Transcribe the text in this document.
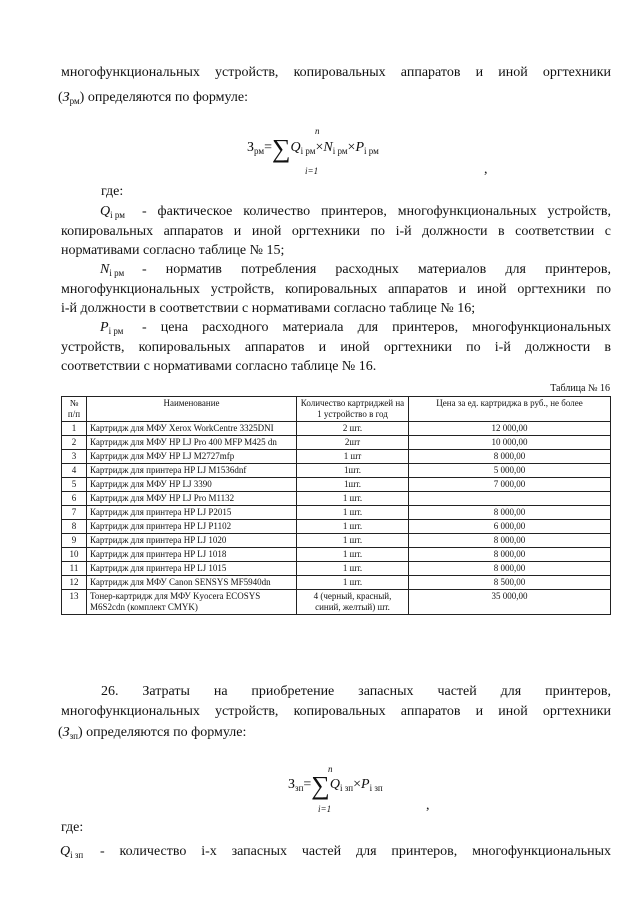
многофункциональных устройств, копировальных аппаратов и иной оргтехники
$(З_{рм})$ определяются по формуле:
$З_{рм}=\sum Q_{i рм}\times N_{i рм}\times P_{i рм}$
n
i=1	,
где:
$Q_{i рм}$ - фактическое количество принтеров, многофункциональных устройств,
копировальных аппаратов и иной оргтехники по i-й должности в соответствии с
нормативами согласно таблице № 15;
$N_{i рм}$ - норматив потребления расходных материалов для принтеров,
многофункциональных устройств, копировальных аппаратов и иной оргтехники по
i-й должности в соответствии с нормативами согласно таблице № 16;
$P_{i рм}$ - цена расходного материала для принтеров, многофункциональных
устройств, копировальных аппаратов и иной оргтехники по i-й должности в
соответствии с нормативами согласно таблице № 16.
Таблица № 16
№ п/п	Наименование	Количество картриджей на 1 устройство в год	Цена за ед. картриджа в руб., не более
1	Картридж для МФУ Xerox WorkCentre 3325DNI	2 шт.	12 000,00
2	Картридж для МФУ HP LJ Pro 400 MFP M425 dn	2шт	10 000,00
3	Картридж для МФУ HP LJ M2727mfp	1 шт	8 000,00
4	Картридж для принтера HP LJ M1536dnf	1шт.	5 000,00
5	Картридж для МФУ HP LJ 3390	1шт.	7 000,00
6	Картридж для МФУ HP LJ Pro M1132	1 шт.	
7	Картридж для принтера HP LJ P2015	1 шт.	8 000,00
8	Картридж для принтера HP LJ P1102	1 шт.	6 000,00
9	Картридж для принтера HP LJ 1020	1 шт.	8 000,00
10	Картридж для принтера HP LJ 1018	1 шт.	8 000,00
11	Картридж для принтера HP LJ 1015	1 шт.	8 000,00
12	Картридж для МФУ Canon SENSYS MF5940dn	1 шт.	8 500,00
13	Тонер-картридж для МФУ Kyocera ECOSYS M6S2cdn (комплект CMYK)	4 (черный, красный, синий, желтый) шт.	35 000,00
26. Затраты на приобретение запасных частей для принтеров,
многофункциональных устройств, копировальных аппаратов и иной оргтехники
$(З_{зп})$ определяются по формуле:
$З_{зп}=\sum Q_{i зп}\times P_{i зп}$
n
i=1	,
где:
$Q_{i зп}$ - количество i-х запасных частей для принтеров, многофункциональных
